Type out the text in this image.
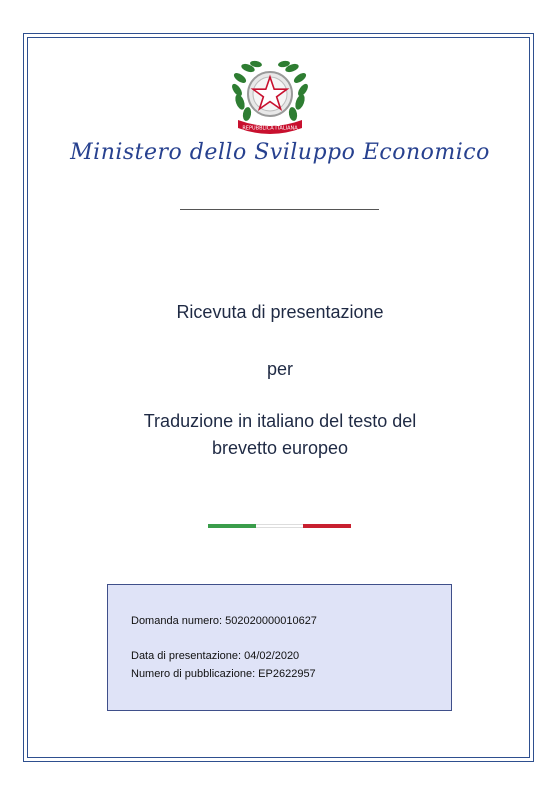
REPUBBLICA ITALIANA
Ministero dello Sviluppo Economico
Ricevuta di presentazione
per
Traduzione in italiano del testo del
brevetto europeo
Domanda numero: 502020000010627
Data di presentazione: 04/02/2020
Numero di pubblicazione: EP2622957
